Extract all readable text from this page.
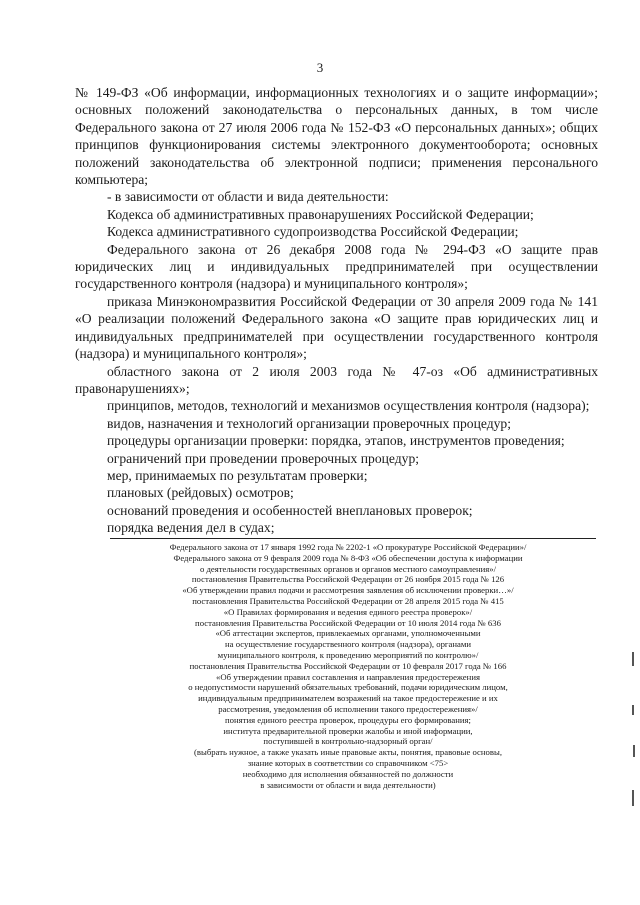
3

№ 149-ФЗ «Об информации, информационных технологиях и о защите информации»; основных положений законодательства о персональных данных, в том числе Федерального закона от 27 июля 2006 года № 152-ФЗ «О персональных данных»; общих принципов функционирования системы электронного документооборота; основных положений законодательства об электронной подписи; применения персонального компьютера;

- в зависимости от области и вида деятельности:

Кодекса об административных правонарушениях Российской Федерации;

Кодекса административного судопроизводства Российской Федерации;

Федерального закона от 26 декабря 2008 года № 294-ФЗ «О защите прав юридических лиц и индивидуальных предпринимателей при осуществлении государственного контроля (надзора) и муниципального контроля»;

приказа Минэкономразвития Российской Федерации от 30 апреля 2009 года № 141 «О реализации положений Федерального закона «О защите прав юридических лиц и индивидуальных предпринимателей при осуществлении государственного контроля (надзора) и муниципального контроля»;

областного закона от 2 июля 2003 года № 47-оз «Об административных правонарушениях»;

принципов, методов, технологий и механизмов осуществления контроля (надзора);

видов, назначения и технологий организации проверочных процедур;

процедуры организации проверки: порядка, этапов, инструментов проведения;

ограничений при проведении проверочных процедур;

мер, принимаемых по результатам проверки;

плановых (рейдовых) осмотров;

оснований проведения и особенностей внеплановых проверок;

порядка ведения дел в судах;

Федерального закона от 17 января 1992 года № 2202-1 «О прокуратуре Российской Федерации»/
Федерального закона от 9 февраля 2009 года № 8-ФЗ «Об обеспечении доступа к информации
о деятельности государственных органов и органов местного самоуправления»/
постановления Правительства Российской Федерации от 26 ноября 2015 года № 126
«Об утверждении правил подачи и рассмотрения заявления об исключении проверки…»/
постановления Правительства Российской Федерации от 28 апреля 2015 года № 415
«О Правилах формирования и ведения единого реестра проверок»/
постановления Правительства Российской Федерации от 10 июля 2014 года № 636
«Об аттестации экспертов, привлекаемых органами, уполномоченными
на осуществление государственного контроля (надзора), органами
муниципального контроля, к проведению мероприятий по контролю»/
постановления Правительства Российской Федерации от 10 февраля 2017 года № 166
«Об утверждении правил составления и направления предостережения
о недопустимости нарушений обязательных требований, подачи юридическим лицом,
индивидуальным предпринимателем возражений на такое предостережение и их
рассмотрения, уведомления об исполнении такого предостережения»/
понятия единого реестра проверок, процедуры его формирования;
института предварительной проверки жалобы и иной информации,
поступившей в контрольно-надзорный орган/
(выбрать нужное, а также указать иные правовые акты, понятия, правовые основы,
знание которых в соответствии со справочником <75>
необходимо для исполнения обязанностей по должности
в зависимости от области и вида деятельности)
